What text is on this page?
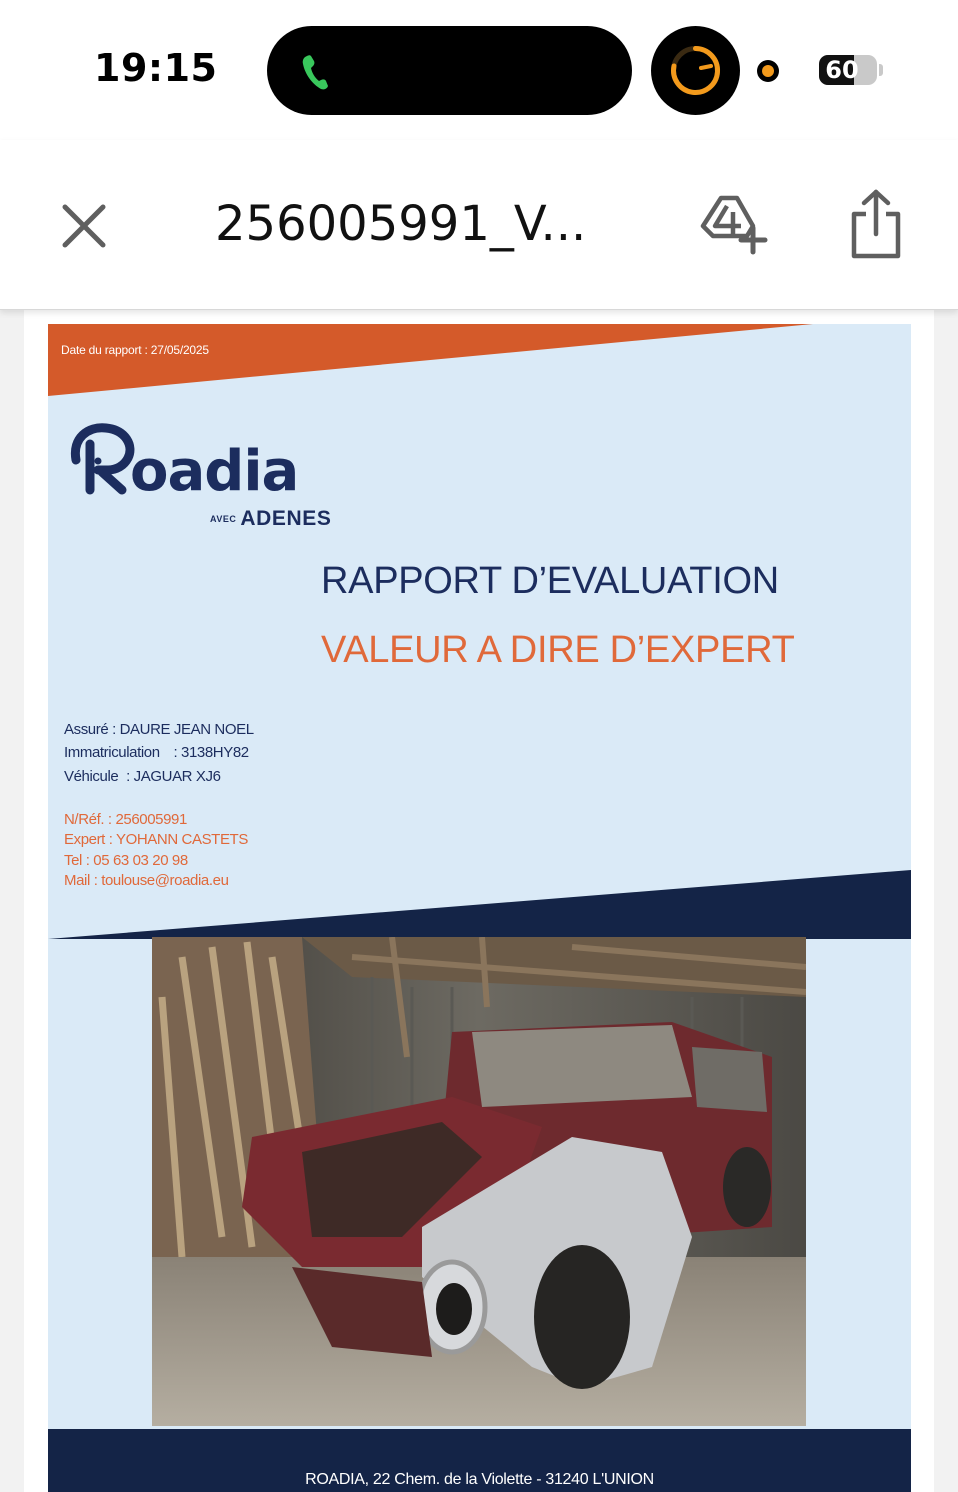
19:15	60
256005991_V...
Date du rapport : 27/05/2025
oadia
AVEC ADENES
RAPPORT D’EVALUATION
VALEUR A DIRE D’EXPERT
Assuré : DAURE JEAN NOEL
Immatriculation : 3138HY82
Véhicule : JAGUAR XJ6
N/Réf. : 256005991
Expert : YOHANN CASTETS
Tel : 05 63 03 20 98
Mail : toulouse@roadia.eu
ROADIA, 22 Chem. de la Violette - 31240 L'UNION
